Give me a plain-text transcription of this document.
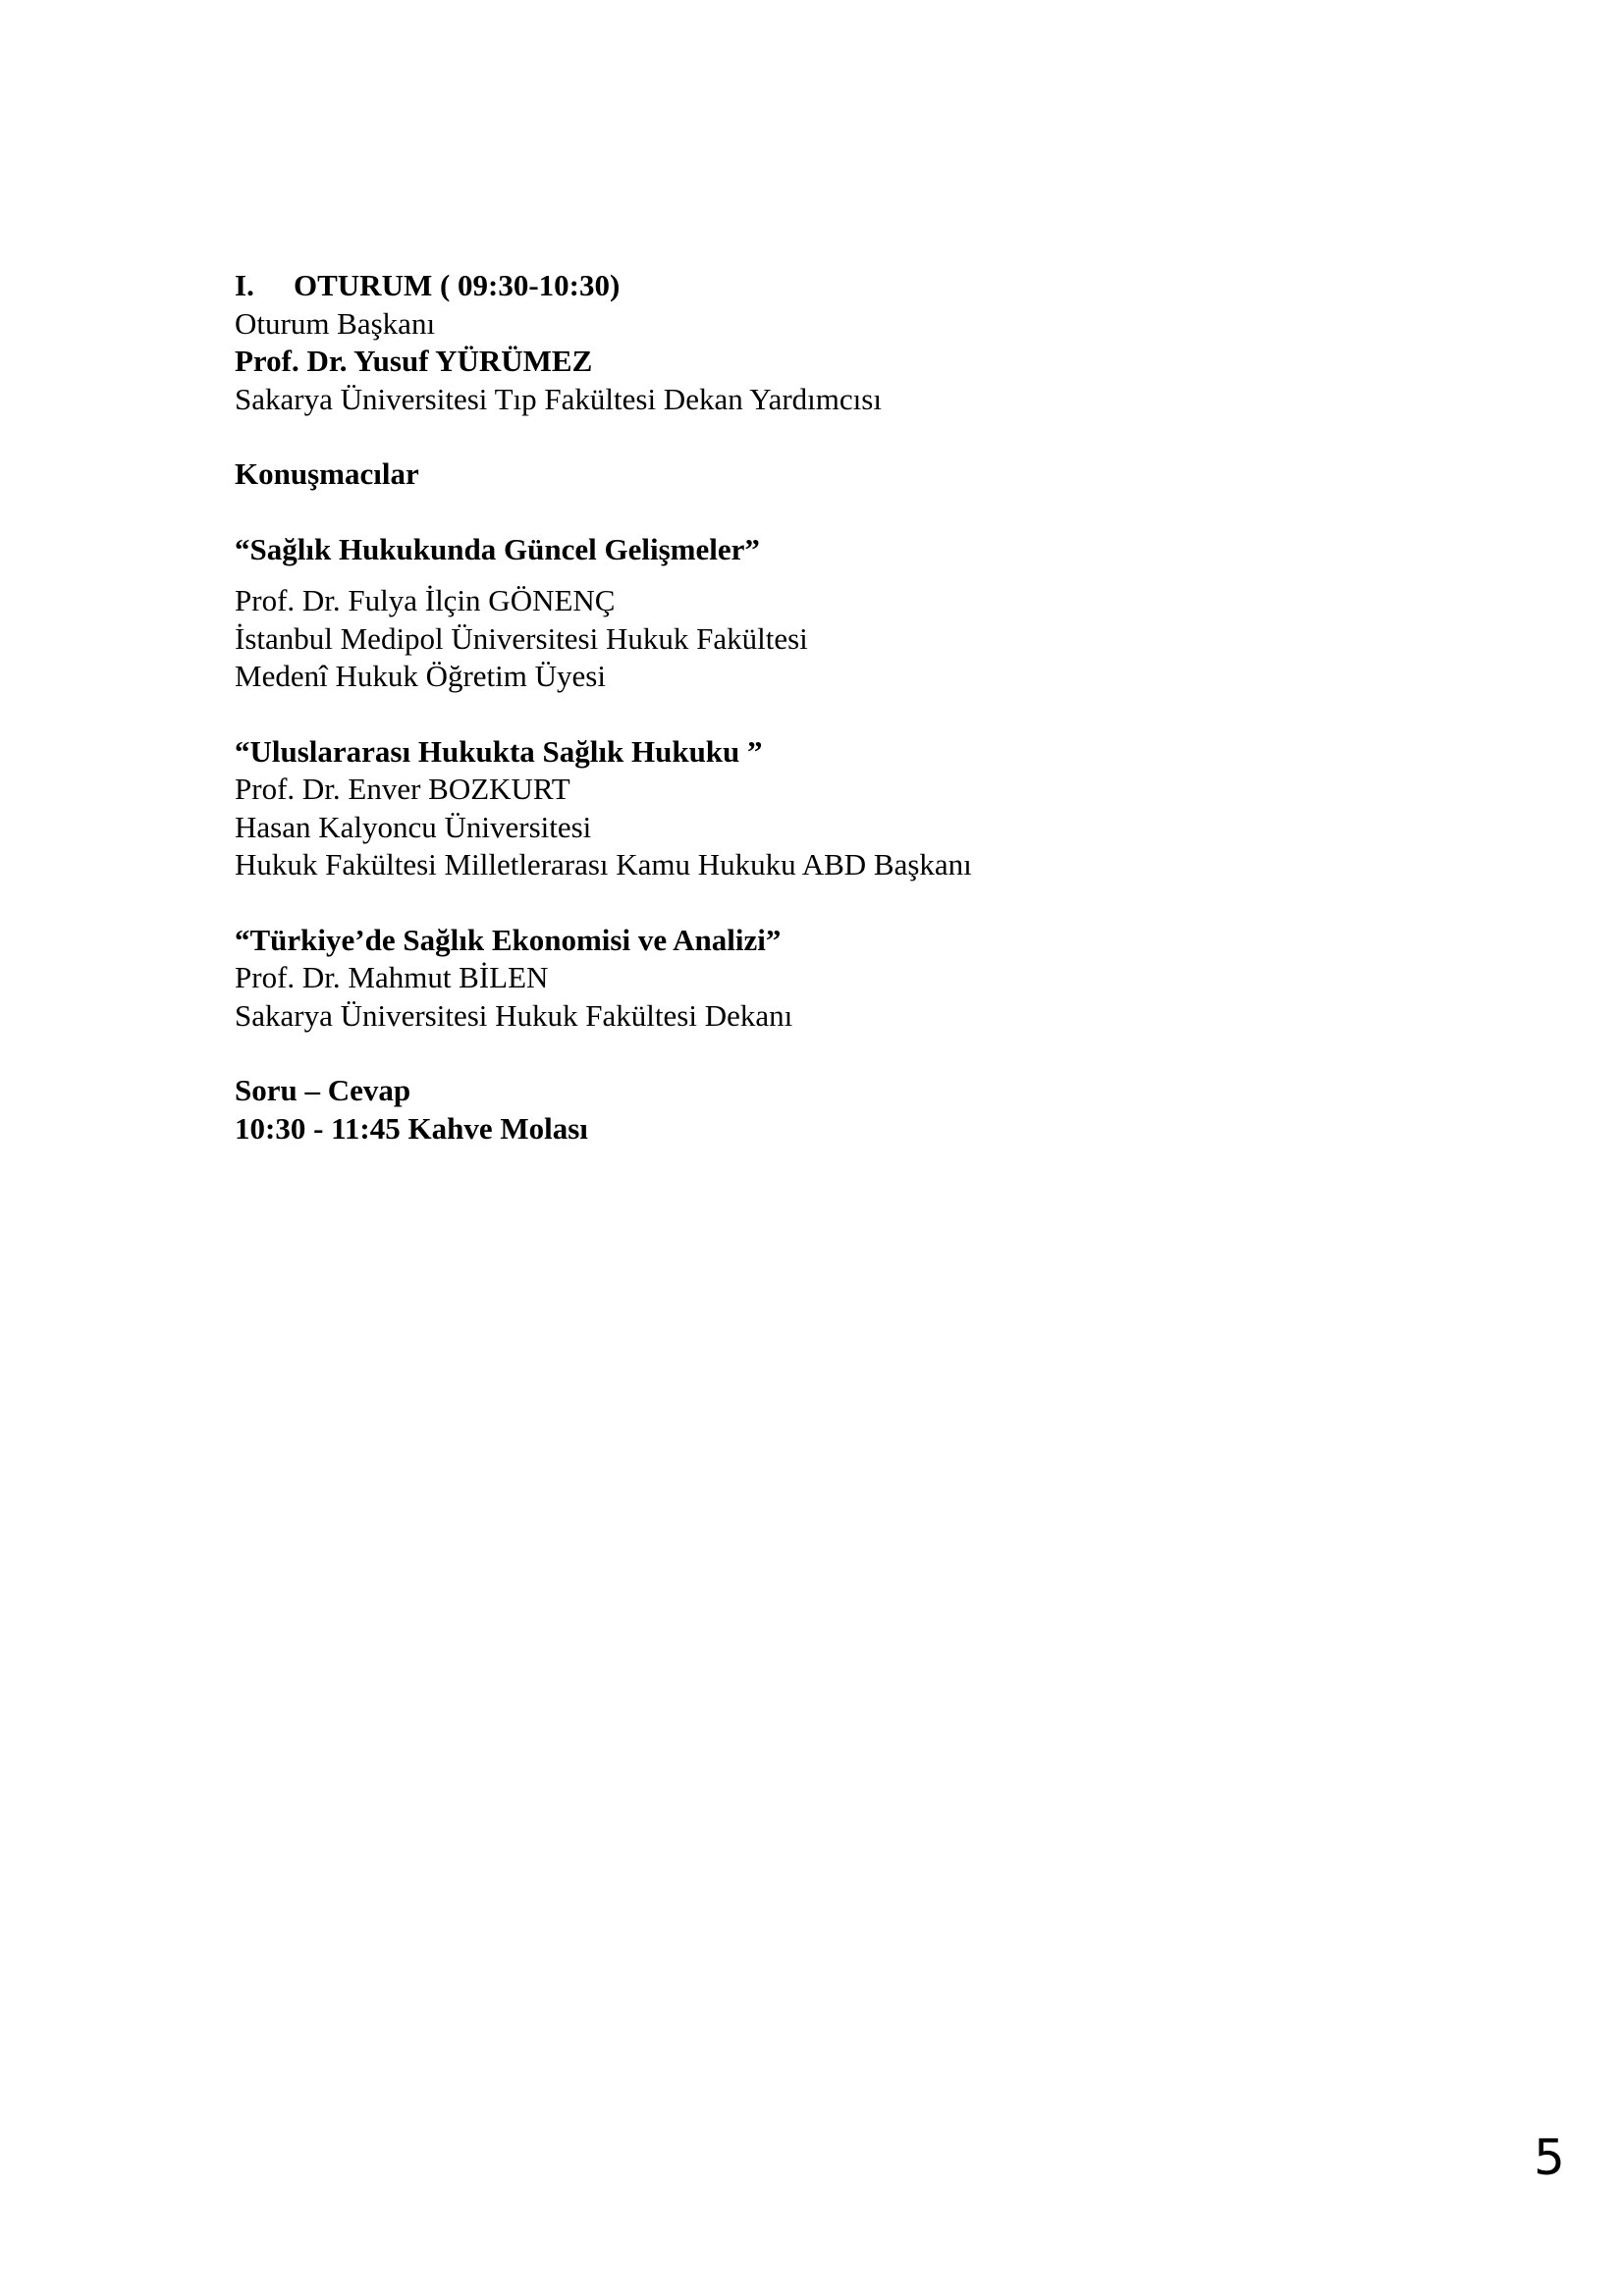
I. OTURUM ( 09:30-10:30)
Oturum Başkanı
Prof. Dr. Yusuf YÜRÜMEZ
Sakarya Üniversitesi Tıp Fakültesi Dekan Yardımcısı
Konuşmacılar
“Sağlık Hukukunda Güncel Gelişmeler”
Prof. Dr. Fulya İlçin GÖNENÇ
İstanbul Medipol Üniversitesi Hukuk Fakültesi
Medenî Hukuk Öğretim Üyesi
“Uluslararası Hukukta Sağlık Hukuku ”
Prof. Dr. Enver BOZKURT
Hasan Kalyoncu Üniversitesi
Hukuk Fakültesi Milletlerarası Kamu Hukuku ABD Başkanı
“Türkiye’de Sağlık Ekonomisi ve Analizi”
Prof. Dr. Mahmut BİLEN
Sakarya Üniversitesi Hukuk Fakültesi Dekanı
Soru – Cevap
10:30 - 11:45 Kahve Molası
5
